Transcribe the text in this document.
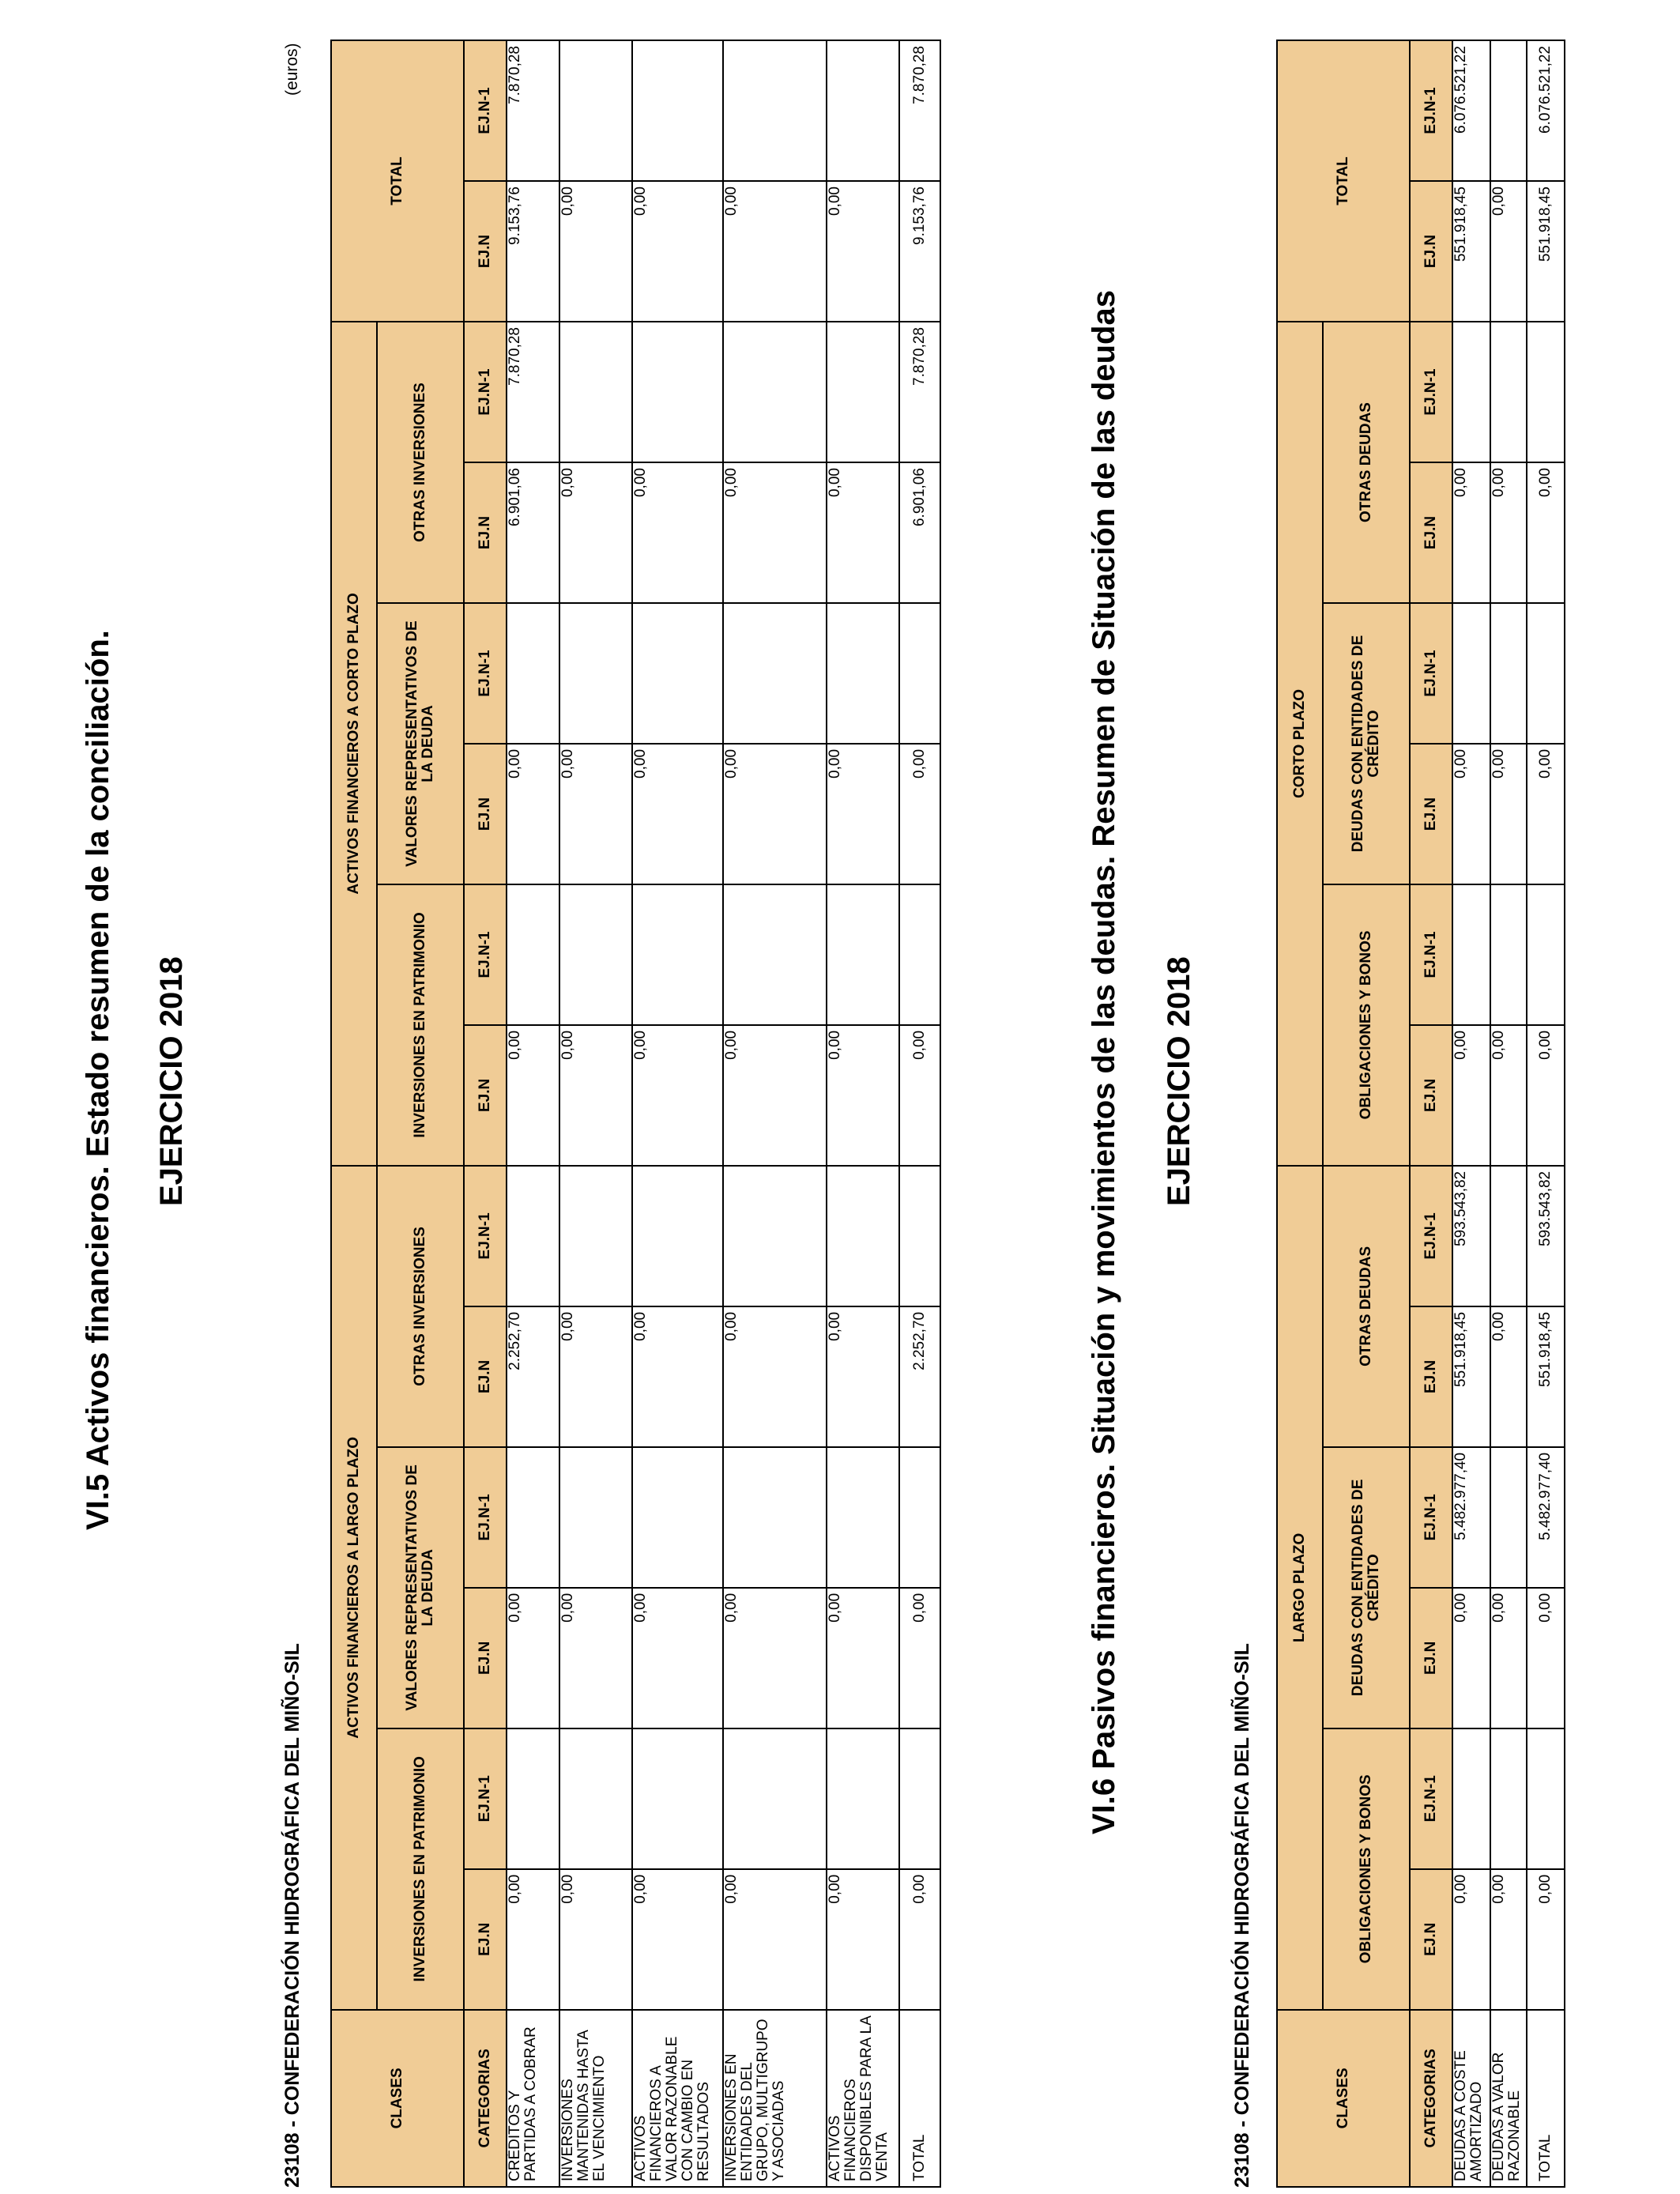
VI.5 Activos financieros. Estado resumen de la conciliación. EJERCICIO 2018
23108 - CONFEDERACIÓN HIDROGRÁFICA DEL MIÑO-SIL
(euros)
CLASES	ACTIVOS FINANCIEROS A LARGO PLAZO						ACTIVOS FINANCIEROS A CORTO PLAZO						TOTAL	
	INVERSIONES EN PATRIMONIO		VALORES REPRESENTATIVOS DE LA DEUDA		OTRAS INVERSIONES		INVERSIONES EN PATRIMONIO		VALORES REPRESENTATIVOS DE LA DEUDA		OTRAS INVERSIONES			
CATEGORIAS	EJ.N	EJ.N-1	EJ.N	EJ.N-1	EJ.N	EJ.N-1	EJ.N	EJ.N-1	EJ.N	EJ.N-1	EJ.N	EJ.N-1	EJ.N	EJ.N-1
CRÉDITOS Y PARTIDAS A COBRAR	0,00		0,00		2.252,70		0,00		0,00		6.901,06	7.870,28	9.153,76	7.870,28
INVERSIONES MANTENIDAS HASTA EL VENCIMIENTO	0,00		0,00		0,00		0,00		0,00		0,00		0,00	
ACTIVOS FINANCIEROS A VALOR RAZONABLE CON CAMBIO EN RESULTADOS	0,00		0,00		0,00		0,00		0,00		0,00		0,00	
INVERSIONES EN ENTIDADES DEL GRUPO, MULTIGRUPO Y ASOCIADAS	0,00		0,00		0,00		0,00		0,00		0,00		0,00	
ACTIVOS FINANCIEROS DISPONIBLES PARA LA VENTA	0,00		0,00		0,00		0,00		0,00		0,00		0,00	
TOTAL	0,00		0,00		2.252,70		0,00		0,00		6.901,06	7.870,28	9.153,76	7.870,28
VI.6 Pasivos financieros. Situación y movimientos de las deudas. Resumen de Situación de las deudas EJERCICIO 2018
23108 - CONFEDERACIÓN HIDROGRÁFICA DEL MIÑO-SIL	CLASES	LARGO PLAZO						CORTO PLAZO						TOTAL	
	OBLIGACIONES Y BONOS		DEUDAS CON ENTIDADES DE CRÉDITO		OTRAS DEUDAS		OBLIGACIONES Y BONOS		DEUDAS CON ENTIDADES DE CRÉDITO		OTRAS DEUDAS			
CATEGORIAS	EJ.N	EJ.N-1	EJ.N	EJ.N-1	EJ.N	EJ.N-1	EJ.N	EJ.N-1	EJ.N	EJ.N-1	EJ.N	EJ.N-1	EJ.N	EJ.N-1
DEUDAS A COSTE AMORTIZADO	0,00		0,00	5.482.977,40	551.918,45	593.543,82	0,00		0,00		0,00		551.918,45	6.076.521,22
DEUDAS A VALOR RAZONABLE	0,00		0,00		0,00		0,00		0,00		0,00		0,00	
TOTAL	0,00		0,00	5.482.977,40	551.918,45	593.543,82	0,00		0,00		0,00		551.918,45	6.076.521,22
